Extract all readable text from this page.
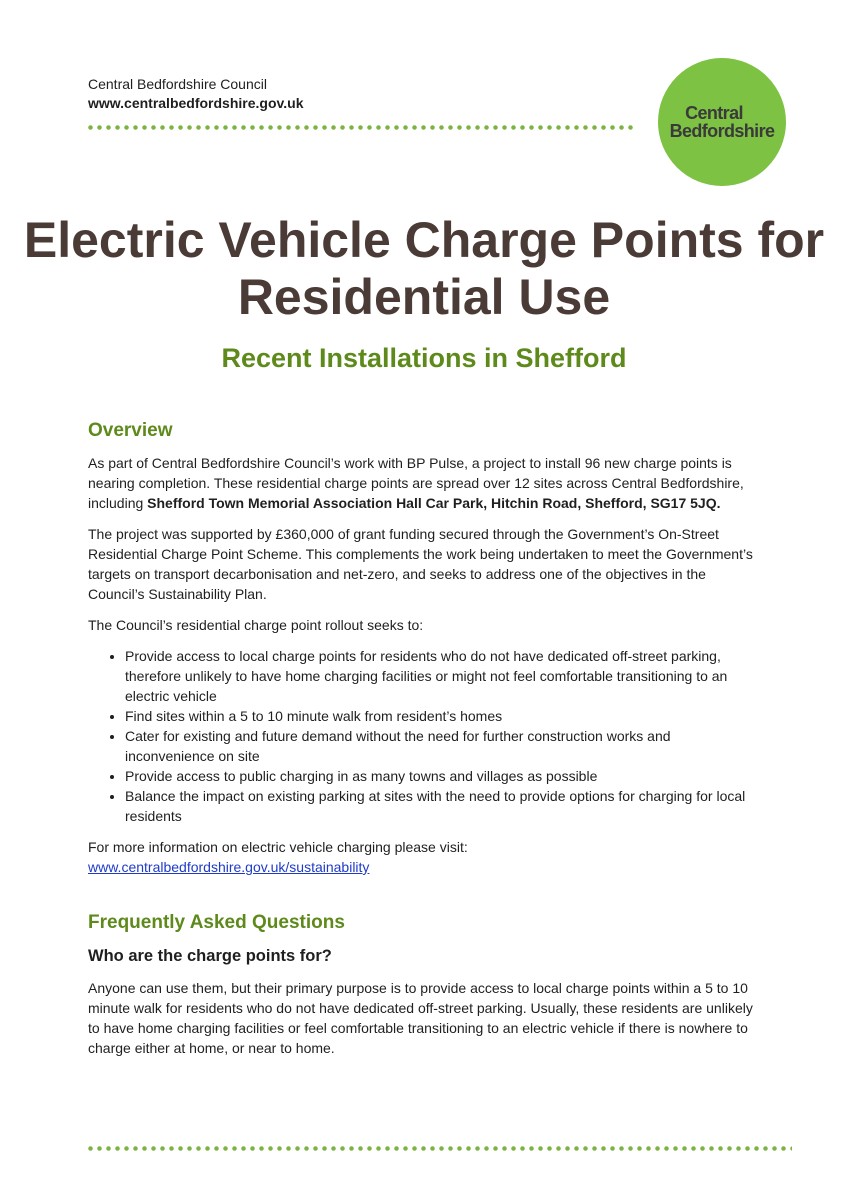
Central Bedfordshire Council
www.centralbedfordshire.gov.uk	Central
Bedfordshire
Electric Vehicle Charge Points for Residential Use
Recent Installations in Shefford
Overview

As part of Central Bedfordshire Council’s work with BP Pulse, a project to install 96 new charge points is nearing completion. These residential charge points are spread over 12 sites across Central Bedfordshire, including Shefford Town Memorial Association Hall Car Park, Hitchin Road, Shefford, SG17 5JQ.

The project was supported by £360,000 of grant funding secured through the Government’s On-Street Residential Charge Point Scheme. This complements the work being undertaken to meet the Government’s targets on transport decarbonisation and net-zero, and seeks to address one of the objectives in the Council’s Sustainability Plan.

The Council’s residential charge point rollout seeks to:

• Provide access to local charge points for residents who do not have dedicated off-street parking, therefore unlikely to have home charging facilities or might not feel comfortable transitioning to an electric vehicle
• Find sites within a 5 to 10 minute walk from resident’s homes
• Cater for existing and future demand without the need for further construction works and inconvenience on site
• Provide access to public charging in as many towns and villages as possible
• Balance the impact on existing parking at sites with the need to provide options for charging for local residents

For more information on electric vehicle charging please visit:
www.centralbedfordshire.gov.uk/sustainability

Frequently Asked Questions
Who are the charge points for?

Anyone can use them, but their primary purpose is to provide access to local charge points within a 5 to 10 minute walk for residents who do not have dedicated off-street parking. Usually, these residents are unlikely to have home charging facilities or feel comfortable transitioning to an electric vehicle if there is nowhere to charge either at home, or near to home.
